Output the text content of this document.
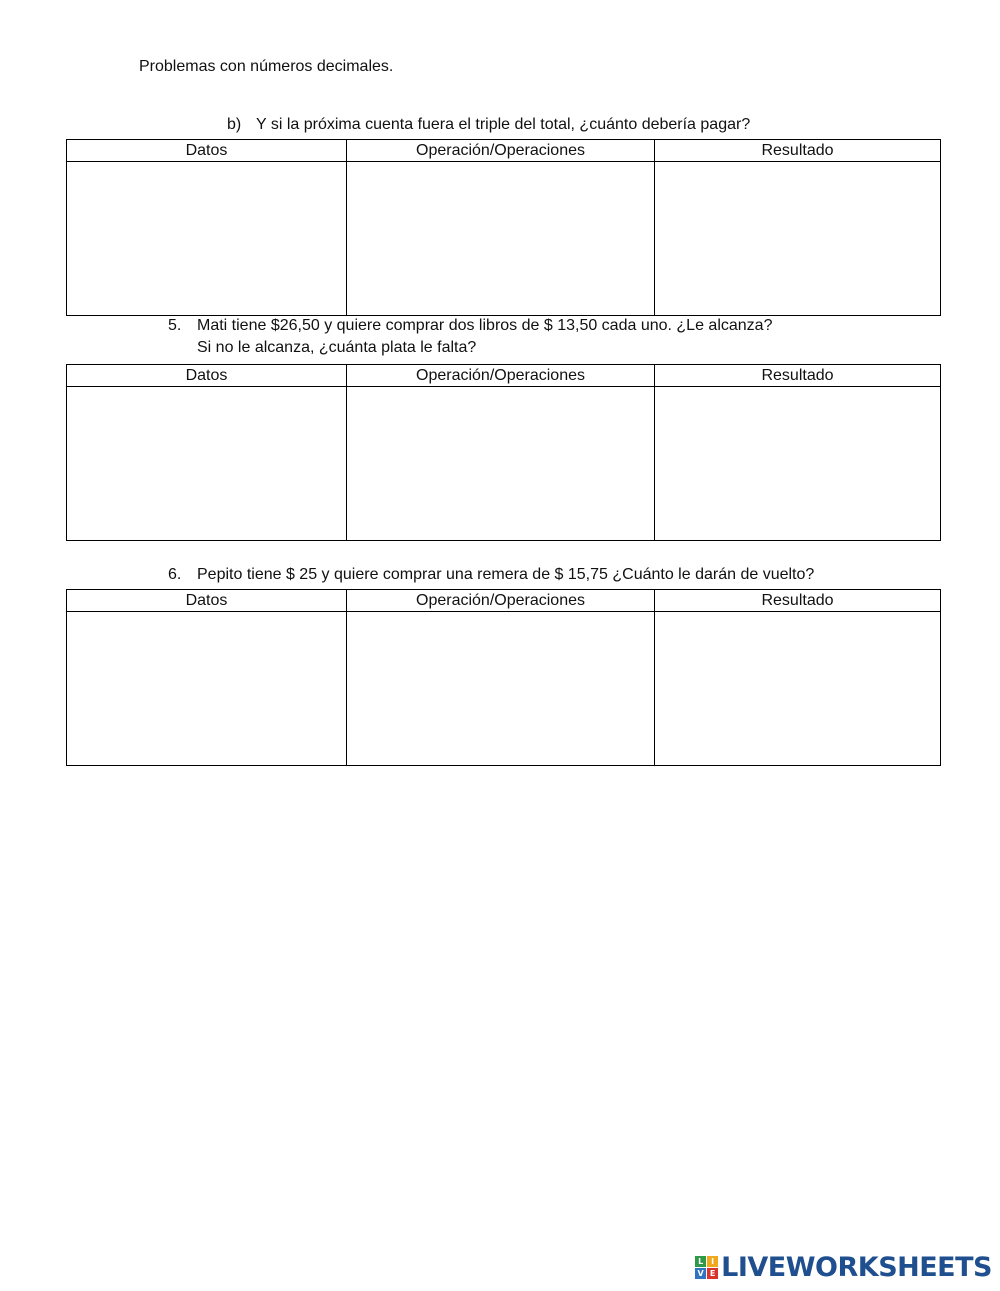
Problemas con números decimales.
b) Y si la próxima cuenta fuera el triple del total, ¿cuánto debería pagar?
Datos	Operación/Operaciones	Resultado

5. Mati tiene $26,50 y quiere comprar dos libros de $ 13,50 cada uno. ¿Le alcanza?
Si no le alcanza, ¿cuánta plata le falta?
Datos	Operación/Operaciones	Resultado

6. Pepito tiene $ 25 y quiere comprar una remera de $ 15,75 ¿Cuánto le darán de vuelto?
Datos	Operación/Operaciones	Resultado

L I
V E LIVEWORKSHEETS
